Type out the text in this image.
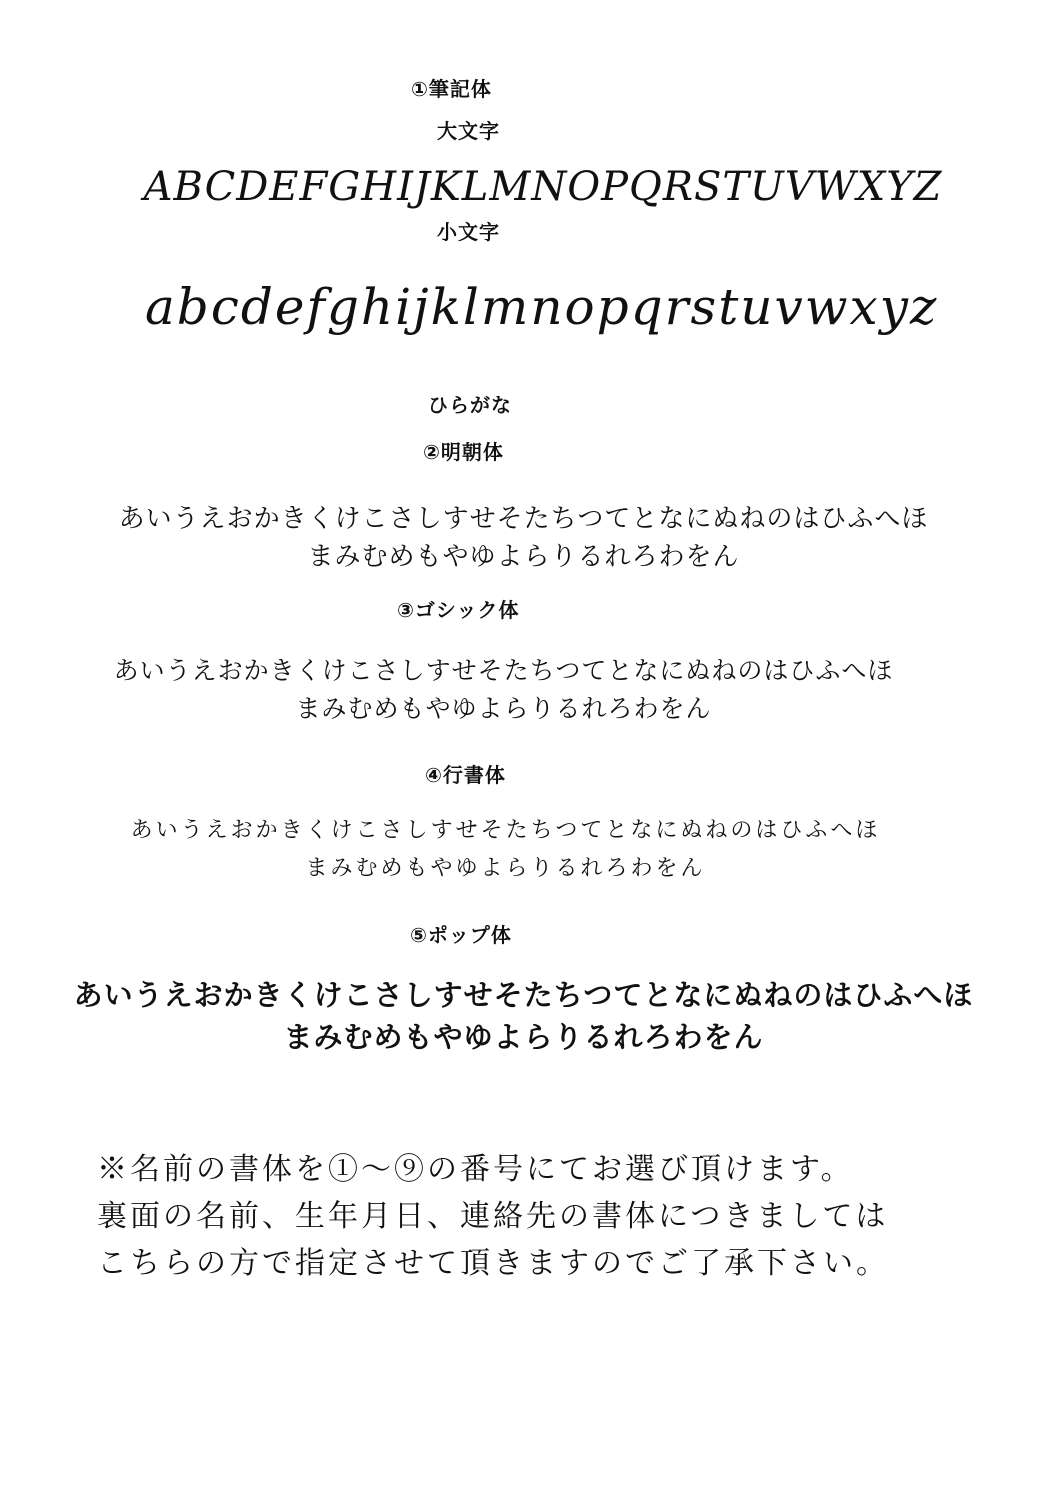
①筆記体
大文字
ABCDEFGHIJKLMNOPQRSTUVWXYZ
小文字
abcdefghijklmnopqrstuvwxyz
ひらがな
②明朝体
あいうえおかきくけこさしすせそたちつてとなにぬねのはひふへほ
まみむめもやゆよらりるれろわをん
③ゴシック体
あいうえおかきくけこさしすせそたちつてとなにぬねのはひふへほ
まみむめもやゆよらりるれろわをん
④行書体
あいうえおかきくけこさしすせそたちつてとなにぬねのはひふへほ
まみむめもやゆよらりるれろわをん
⑤ポップ体
あいうえおかきくけこさしすせそたちつてとなにぬねのはひふへほ
まみむめもやゆよらりるれろわをん
※名前の書体を①～⑨の番号にてお選び頂けます。
裏面の名前、生年月日、連絡先の書体につきましては
こちらの方で指定させて頂きますのでご了承下さい。
